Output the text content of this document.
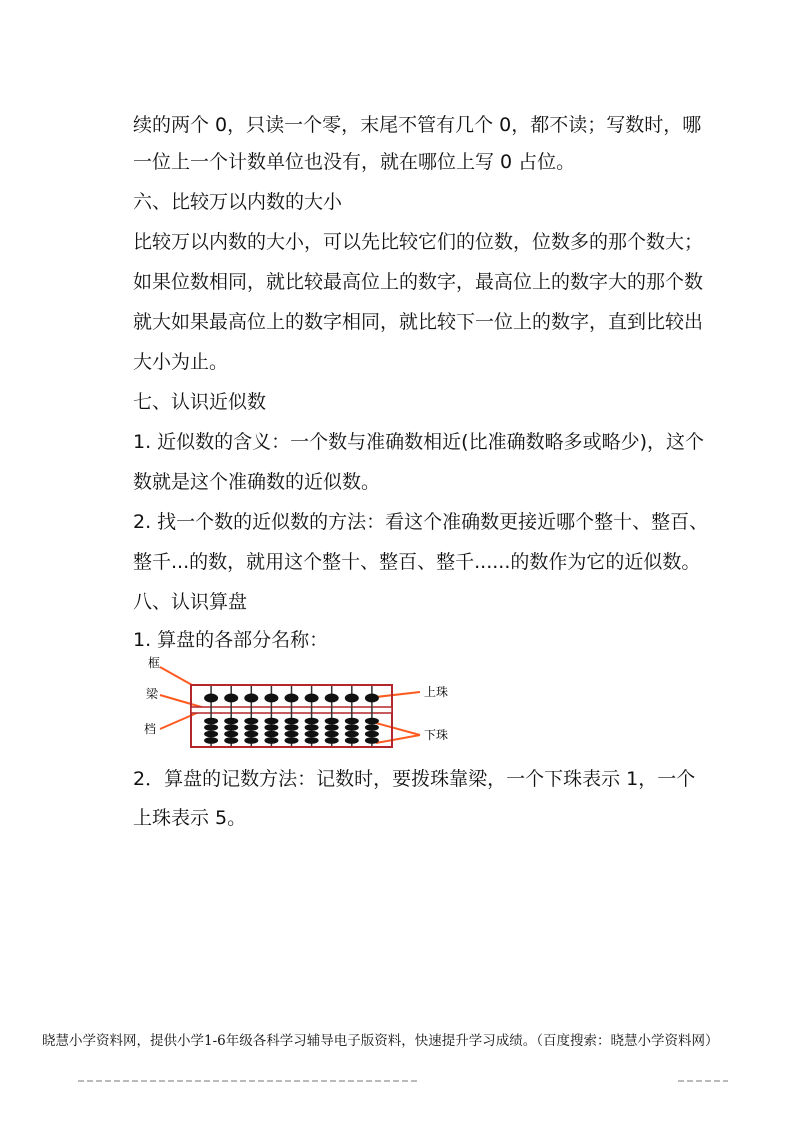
续的两个 0，只读一个零，末尾不管有几个 0，都不读；写数时，哪
一位上一个计数单位也没有，就在哪位上写 0 占位。
六、比较万以内数的大小
比较万以内数的大小，可以先比较它们的位数，位数多的那个数大；
如果位数相同，就比较最高位上的数字，最高位上的数字大的那个数
就大如果最高位上的数字相同，就比较下一位上的数字，直到比较出
大小为止。
七、认识近似数
1. 近似数的含义：一个数与准确数相近(比准确数略多或略少)，这个
数就是这个准确数的近似数。
2. 找一个数的近似数的方法：看这个准确数更接近哪个整十、整百、
整千...的数，就用这个整十、整百、整千......的数作为它的近似数。
八、认识算盘
1. 算盘的各部分名称：
框
梁
档
上珠
下珠
2．算盘的记数方法：记数时，要拨珠靠梁，一个下珠表示 1，一个
上珠表示 5。
晓慧小学资料网，提供小学1-6年级各科学习辅导电子版资料，快速提升学习成绩。（百度搜索：晓慧小学资料网）
